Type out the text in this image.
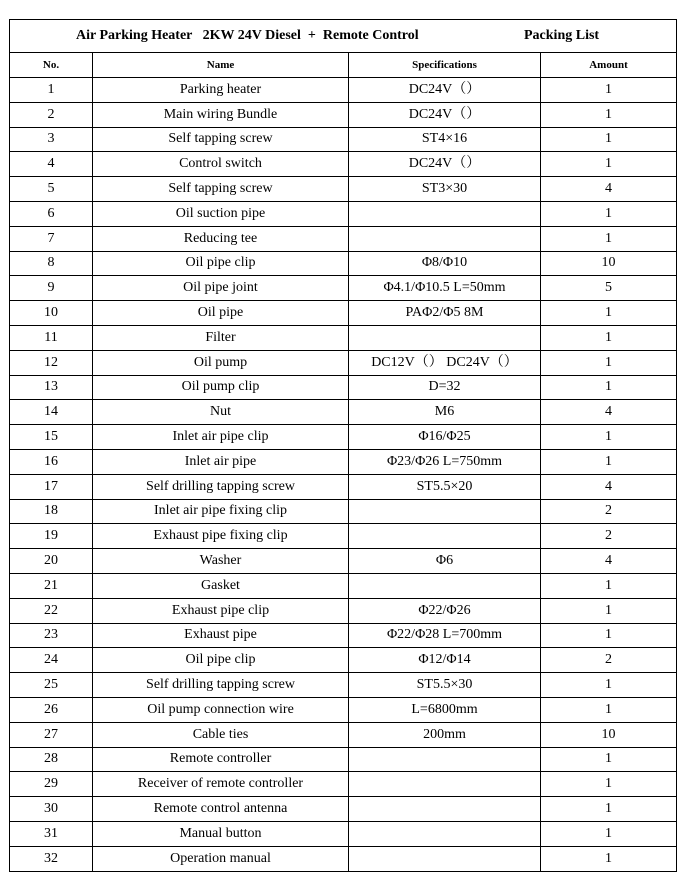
Air Parking Heater   2KW 24V Diesel  +  Remote Control Packing List			

No.	Name	Specifications	Amount
1	Parking heater	DC24V（）	1
2	Main wiring Bundle	DC24V（）	1
3	Self tapping screw	ST4×16	1
4	Control switch	DC24V（）	1
5	Self tapping screw	ST3×30	4
6	Oil suction pipe		1
7	Reducing tee		1
8	Oil pipe clip	Φ8/Φ10	10
9	Oil pipe joint	Φ4.1/Φ10.5 L=50mm	5
10	Oil pipe	PAΦ2/Φ5 8M	1
11	Filter		1
12	Oil pump	DC12V（） DC24V（）	1
13	Oil pump clip	D=32	1
14	Nut	M6	4
15	Inlet air pipe clip	Φ16/Φ25	1
16	Inlet air pipe	Φ23/Φ26 L=750mm	1
17	Self drilling tapping screw	ST5.5×20	4
18	Inlet air pipe fixing clip		2
19	Exhaust pipe fixing clip		2
20	Washer	Φ6	4
21	Gasket		1
22	Exhaust pipe clip	Φ22/Φ26	1
23	Exhaust pipe	Φ22/Φ28 L=700mm	1
24	Oil pipe clip	Φ12/Φ14	2
25	Self drilling tapping screw	ST5.5×30	1
26	Oil pump connection wire	L=6800mm	1
27	Cable ties	200mm	10
28	Remote controller		1
29	Receiver of remote controller		1
30	Remote control antenna		1
31	Manual button		1
32	Operation manual		1
